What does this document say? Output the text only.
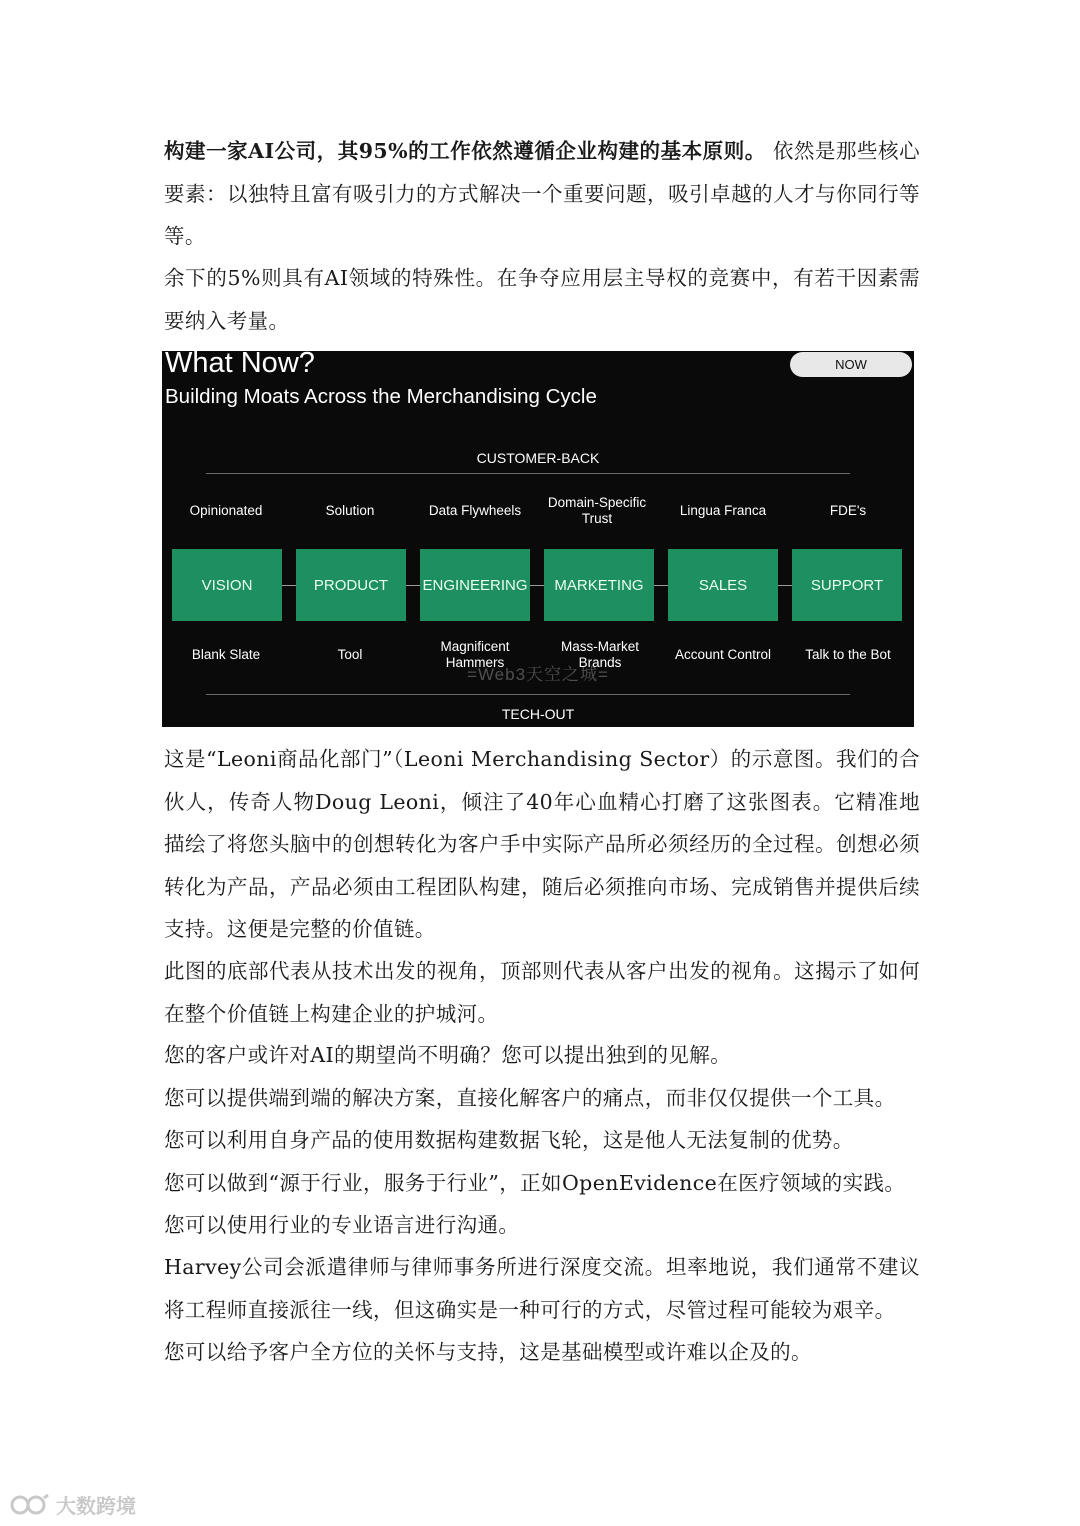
构建一家AI公司，其95%的工作依然遵循企业构建的基本原则。 依然是那些核心要素：以独特且富有吸引力的方式解决一个重要问题，吸引卓越的人才与你同行等等。

余下的5%则具有AI领域的特殊性。在争夺应用层主导权的竞赛中，有若干因素需要纳入考量。

What Now?
Building Moats Across the Merchandising Cycle
NOW
CUSTOMER-BACK
Opinionated	Solution	Data Flywheels
Domain-Specific Trust
Lingua Franca	FDE's
VISION	PRODUCT	ENGINEERING	MARKETING	SALES	SUPPORT
Blank Slate	Tool
Magnificent Hammers
Mass-Market Brands
Account Control	Talk to the Bot
=Web3天空之城=
TECH-OUT

这是“Leoni商品化部门”（Leoni Merchandising Sector）的示意图。我们的合伙人，传奇人物Doug Leoni，倾注了40年心血精心打磨了这张图表。它精准地描绘了将您头脑中的创想转化为客户手中实际产品所必须经历的全过程。创想必须转化为产品，产品必须由工程团队构建，随后必须推向市场、完成销售并提供后续支持。这便是完整的价值链。

此图的底部代表从技术出发的视角，顶部则代表从客户出发的视角。这揭示了如何在整个价值链上构建企业的护城河。

您的客户或许对AI的期望尚不明确？您可以提出独到的见解。

您可以提供端到端的解决方案，直接化解客户的痛点，而非仅仅提供一个工具。

您可以利用自身产品的使用数据构建数据飞轮，这是他人无法复制的优势。

您可以做到“源于行业，服务于行业”，正如OpenEvidence在医疗领域的实践。

您可以使用行业的专业语言进行沟通。

Harvey公司会派遣律师与律师事务所进行深度交流。坦率地说，我们通常不建议将工程师直接派往一线，但这确实是一种可行的方式，尽管过程可能较为艰辛。

您可以给予客户全方位的关怀与支持，这是基础模型或许难以企及的。

大数跨境
